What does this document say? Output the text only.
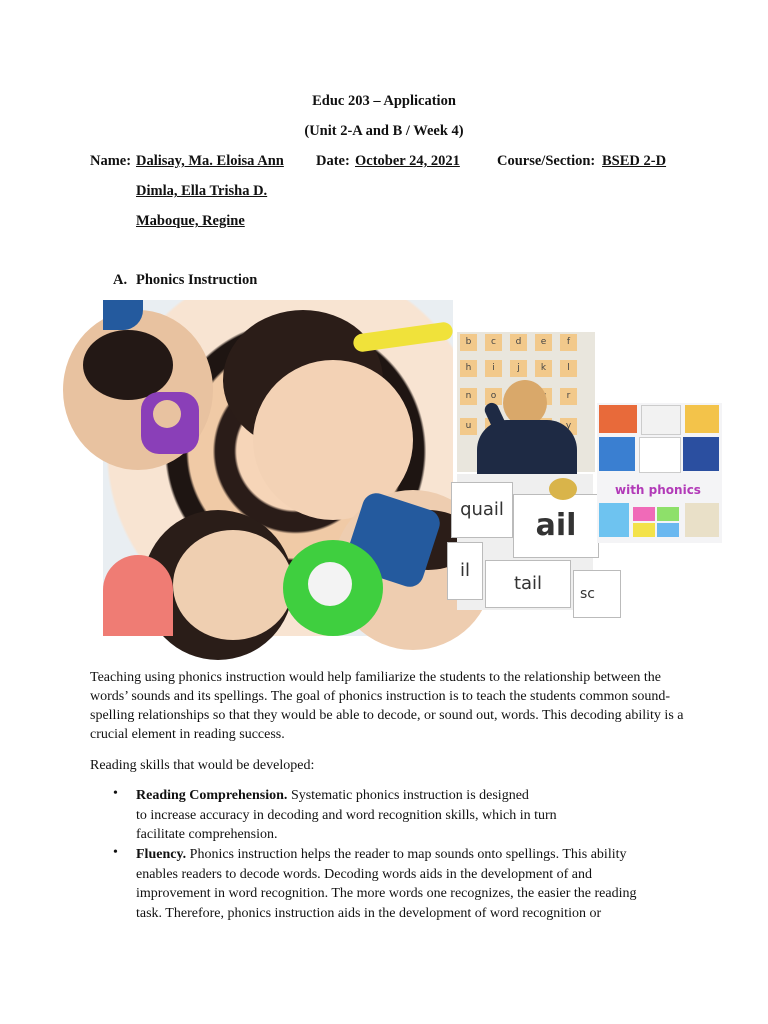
Educ 203 – Application
(Unit 2-A and B / Week 4)
Name: Dalisay, Ma. Eloisa Ann Date: October 24, 2021	Course/Section: BSED 2-D
Dimla, Ella Trisha D.
Maboque, Regine
A. Phonics Instruction
b	c	d	e	f
h	i	j	k	l
n	o	r
u	y
quail	ail
il
tail	sc
with phonics
Teaching using phonics instruction would help familiarize the students to the relationship between the words’ sounds and its spellings. The goal of phonics instruction is to teach the students common sound-spelling relationships so that they would be able to decode, or sound out, words. This decoding ability is a crucial element in reading success.
Reading skills that would be developed:
• Reading Comprehension. Systematic phonics instruction is designed
to increase accuracy in decoding and word recognition skills, which in turn
facilitate comprehension.
• Fluency. Phonics instruction helps the reader to map sounds onto spellings. This ability
enables readers to decode words. Decoding words aids in the development of and
improvement in word recognition. The more words one recognizes, the easier the reading
task. Therefore, phonics instruction aids in the development of word recognition or
